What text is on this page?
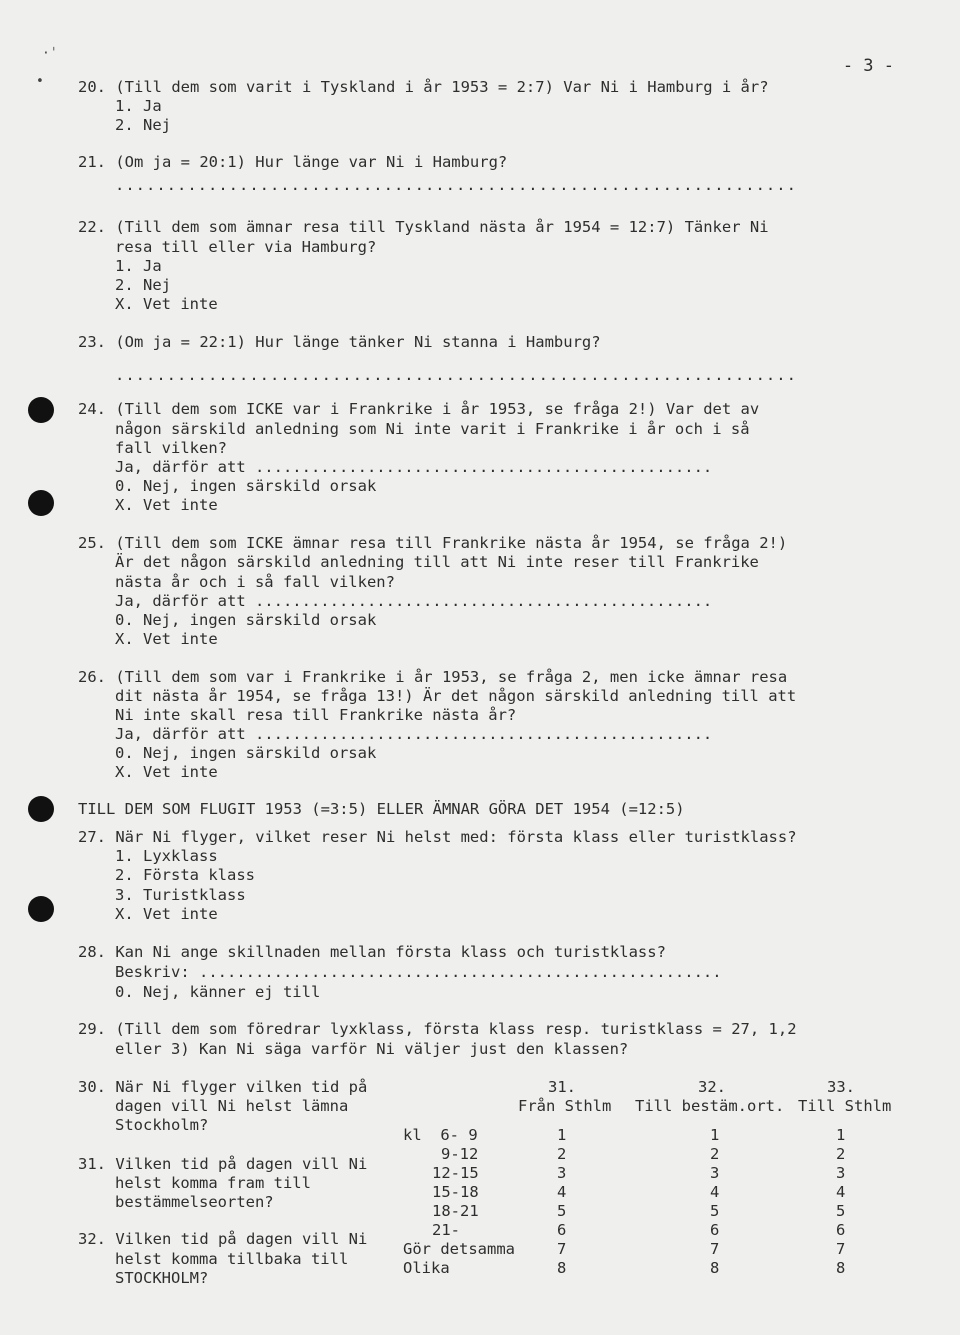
·ˈ
•
- 3 -
20. (Till dem som varit i Tyskland i år 1953 = 2:7) Var Ni i Hamburg i år?
1. Ja
2. Nej
21. (Om ja = 20:1) Hur länge var Ni i Hamburg?
..................................................................
22. (Till dem som ämnar resa till Tyskland nästa år 1954 = 12:7) Tänker Ni
resa till eller via Hamburg?
1. Ja
2. Nej
X. Vet inte
23. (Om ja = 22:1) Hur länge tänker Ni stanna i Hamburg?
..................................................................
24. (Till dem som ICKE var i Frankrike i år 1953, se fråga 2!) Var det av
någon särskild anledning som Ni inte varit i Frankrike i år och i så
fall vilken?
Ja, därför att .................................................
0. Nej, ingen särskild orsak
X. Vet inte
25. (Till dem som ICKE ämnar resa till Frankrike nästa år 1954, se fråga 2!)
Är det någon särskild anledning till att Ni inte reser till Frankrike
nästa år och i så fall vilken?
Ja, därför att .................................................
0. Nej, ingen särskild orsak
X. Vet inte
26. (Till dem som var i Frankrike i år 1953, se fråga 2, men icke ämnar resa
dit nästa år 1954, se fråga 13!) Är det någon särskild anledning till att
Ni inte skall resa till Frankrike nästa år?
Ja, därför att .................................................
0. Nej, ingen särskild orsak
X. Vet inte
TILL DEM SOM FLUGIT 1953 (=3:5) ELLER ÄMNAR GÖRA DET 1954 (=12:5)
27. När Ni flyger, vilket reser Ni helst med: första klass eller turistklass?
1. Lyxklass
2. Första klass
3. Turistklass
X. Vet inte
28. Kan Ni ange skillnaden mellan första klass och turistklass?
Beskriv: ........................................................
0. Nej, känner ej till
29. (Till dem som föredrar lyxklass, första klass resp. turistklass = 27, 1,2
eller 3) Kan Ni säga varför Ni väljer just den klassen?
30. När Ni flyger vilken tid på
dagen vill Ni helst lämna
Stockholm?
31. Vilken tid på dagen vill Ni
helst komma fram till
bestämmelseorten?
32. Vilken tid på dagen vill Ni
helst komma tillbaka till
STOCKHOLM?
31.	32.	33.
Från Sthlm Till bestäm.ort. Till Sthlm
kl  6- 9
9-12
12-15
15-18
18-21
21-
Gör detsamma
Olika
1
2
3
4
5
6
7
8
1
2
3
4
5
6
7
8
1
2
3
4
5
6
7
8
